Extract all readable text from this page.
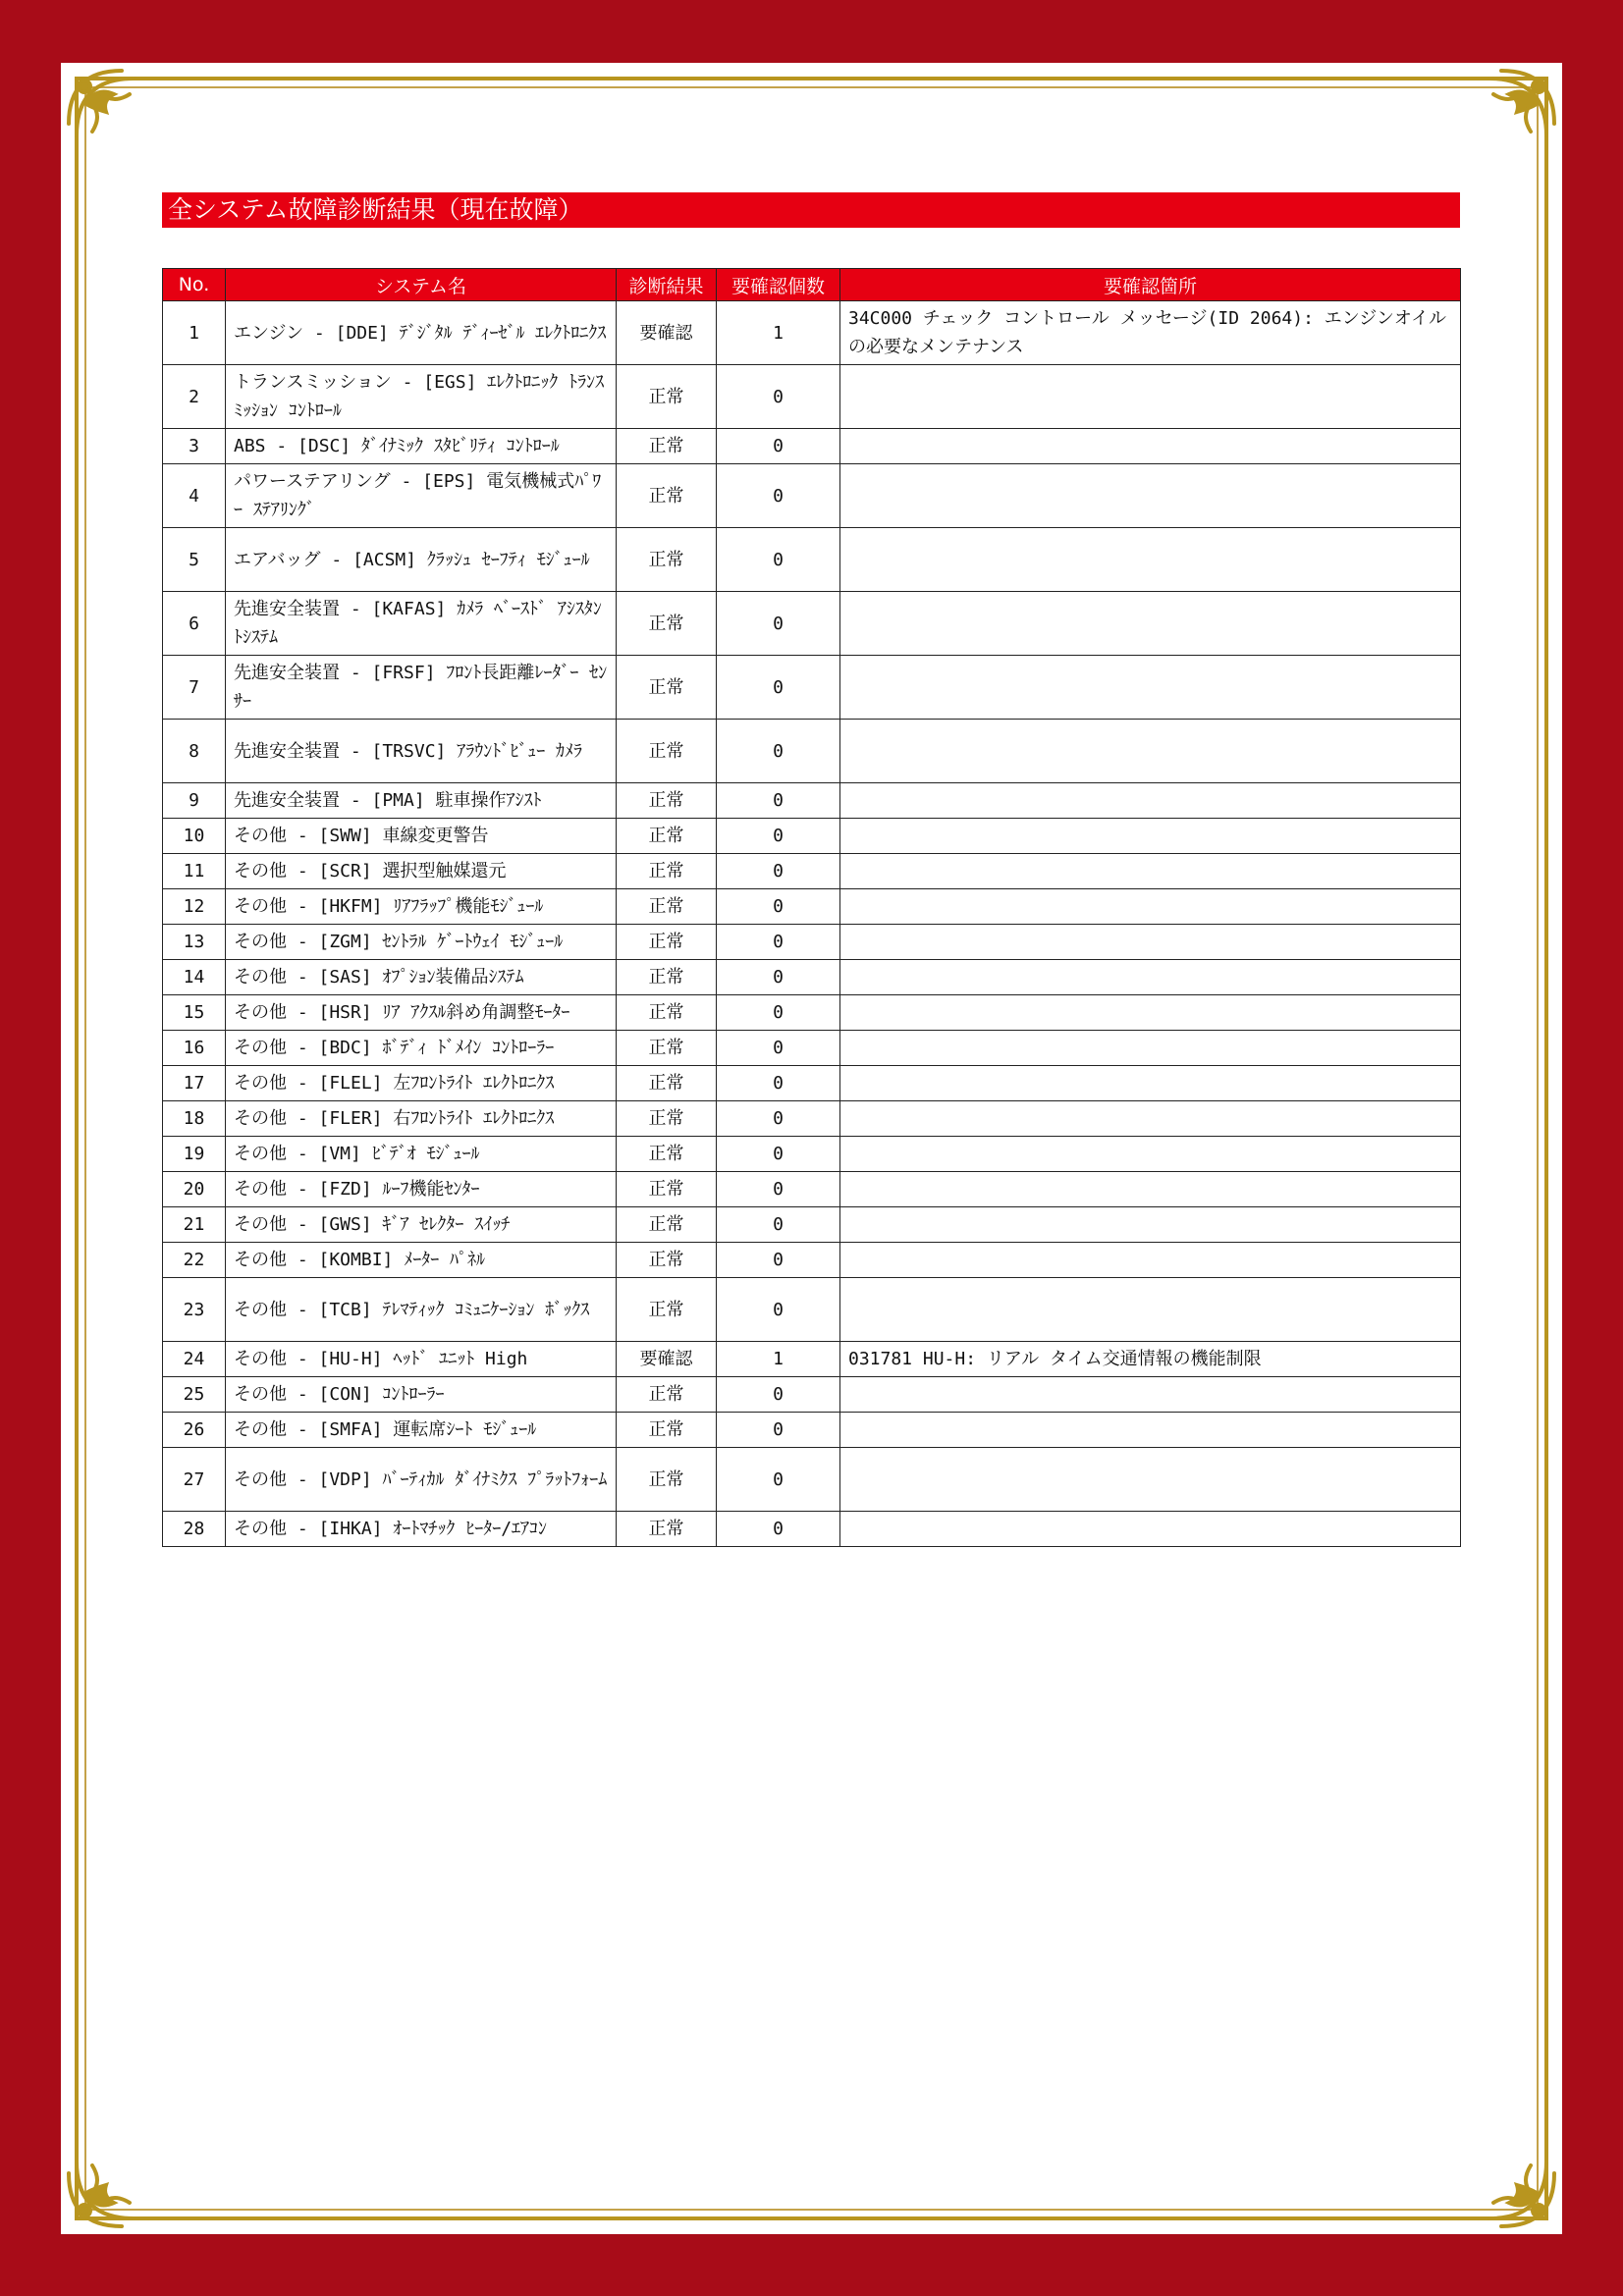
全システム故障診断結果（現在故障）
No.	システム名	診断結果	要確認個数	要確認箇所
1	エンジン - [DDE] ﾃﾞｼﾞﾀﾙ ﾃﾞｨｰｾﾞﾙ ｴﾚｸﾄﾛﾆｸｽ	要確認	1	34C000 チェック コントロール メッセージ(ID 2064): エンジンオイルの必要なメンテナンス
2	トランスミッション - [EGS] ｴﾚｸﾄﾛﾆｯｸ ﾄﾗﾝｽﾐｯｼｮﾝ ｺﾝﾄﾛｰﾙ	正常	0	
3	ABS - [DSC] ﾀﾞｲﾅﾐｯｸ ｽﾀﾋﾞﾘﾃｨ ｺﾝﾄﾛｰﾙ	正常	0	
4	パワーステアリング - [EPS] 電気機械式ﾊﾟﾜｰ ｽﾃｱﾘﾝｸﾞ	正常	0	
5	エアバッグ - [ACSM] ｸﾗｯｼｭ ｾｰﾌﾃｨ ﾓｼﾞｭｰﾙ	正常	0	
6	先進安全装置 - [KAFAS] ｶﾒﾗ ﾍﾞｰｽﾄﾞ ｱｼｽﾀﾝﾄｼｽﾃﾑ	正常	0	
7	先進安全装置 - [FRSF] ﾌﾛﾝﾄ長距離ﾚｰﾀﾞｰ ｾﾝｻｰ	正常	0	
8	先進安全装置 - [TRSVC] ｱﾗｳﾝﾄﾞﾋﾞｭｰ ｶﾒﾗ	正常	0	
9	先進安全装置 - [PMA] 駐車操作ｱｼｽﾄ	正常	0	
10	その他 - [SWW] 車線変更警告	正常	0	
11	その他 - [SCR] 選択型触媒還元	正常	0	
12	その他 - [HKFM] ﾘｱﾌﾗｯﾌﾟ機能ﾓｼﾞｭｰﾙ	正常	0	
13	その他 - [ZGM] ｾﾝﾄﾗﾙ ｹﾞｰﾄｳｪｲ ﾓｼﾞｭｰﾙ	正常	0	
14	その他 - [SAS] ｵﾌﾟｼｮﾝ装備品ｼｽﾃﾑ	正常	0	
15	その他 - [HSR] ﾘｱ ｱｸｽﾙ斜め角調整ﾓｰﾀｰ	正常	0	
16	その他 - [BDC] ﾎﾞﾃﾞｨ ﾄﾞﾒｲﾝ ｺﾝﾄﾛｰﾗｰ	正常	0	
17	その他 - [FLEL] 左ﾌﾛﾝﾄﾗｲﾄ ｴﾚｸﾄﾛﾆｸｽ	正常	0	
18	その他 - [FLER] 右ﾌﾛﾝﾄﾗｲﾄ ｴﾚｸﾄﾛﾆｸｽ	正常	0	
19	その他 - [VM] ﾋﾞﾃﾞｵ ﾓｼﾞｭｰﾙ	正常	0	
20	その他 - [FZD] ﾙｰﾌ機能ｾﾝﾀｰ	正常	0	
21	その他 - [GWS] ｷﾞｱ ｾﾚｸﾀｰ ｽｲｯﾁ	正常	0	
22	その他 - [KOMBI] ﾒｰﾀｰ ﾊﾟﾈﾙ	正常	0	
23	その他 - [TCB] ﾃﾚﾏﾃｨｯｸ ｺﾐｭﾆｹｰｼｮﾝ ﾎﾞｯｸｽ	正常	0	
24	その他 - [HU-H] ﾍｯﾄﾞ ﾕﾆｯﾄ High	要確認	1	031781 HU-H: リアル タイム交通情報の機能制限
25	その他 - [CON] ｺﾝﾄﾛｰﾗｰ	正常	0	
26	その他 - [SMFA] 運転席ｼｰﾄ ﾓｼﾞｭｰﾙ	正常	0	
27	その他 - [VDP] ﾊﾞｰﾃｨｶﾙ ﾀﾞｲﾅﾐｸｽ ﾌﾟﾗｯﾄﾌｫｰﾑ	正常	0	
28	その他 - [IHKA] ｵｰﾄﾏﾁｯｸ ﾋｰﾀｰ/ｴｱｺﾝ	正常	0	
